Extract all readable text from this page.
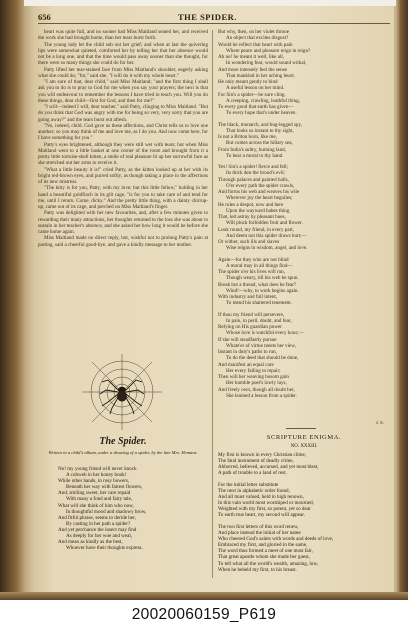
656	THE SPIDER.

heart was quite full, and no sooner had Miss Maitland seated her, and received the work she had brought home, than her tears burst forth.

The young lady let the child sob out her grief; and when at last the quivering lips were somewhat quieted, comforted her by telling her that her absence would not be a long one, and that the time would pass away sooner than she thought, for there were so many things she could do for her.

Patty lifted her tear-stained face from Miss Maitland's shoulder, eagerly asking what she could do; "for," said she, "I will do it with my whole heart."

"I am sure of that, dear child," said Miss Maitland; "and the first thing I shall ask you to do is to pray to God for me when you say your prayers; the next is that you will endeavour to remember the lessons I have tried to teach you. Will you do these things, dear child—first for God, and then for me?"

"I will—indeed I will, dear teacher," said Patty, clinging to Miss Maitland. "But do you think that God was angry with me for being so very, very sorry that you are going away?" and the tears burst out afresh.

"No, indeed, child. God gave us these affections, and Christ tells us to love one another; so you may think of me and love me, as I do you. And now come here, for I have something for you."

Patty's eyes brightened, although they were still wet with tears; but when Miss Maitland went to a little basket at one corner of the room and brought from it a pretty little tortoise-shell kitten, a smile of real pleasure lit up her sorrowful face as she stretched out her arms to receive it.

"What a little beauty it is!" cried Patty, as the kitten looked up at her with its bright red-brown eyes, and purred softly, as though taking a place in the affections of its new mistress.

"The kitty is for you, Patty, with my love; but this little fellow," holding in her hand a beautiful goldfinch in its gilt cage, "is for you to take care of and tend for me, until I return. Come, dicky." And the pretty little thing, with a dainty chirrup-up, came out of its cage, and perched on Miss Maitland's finger.

Patty was delighted with her new favourites, and, after a few minutes given to rewarding their many attractions, her thoughts returned to the loss she was about to sustain in her teacher's absence, and she asked her how long it would be before she came home again.

Miss Maitland made no direct reply, but, wishful not to prolong Patty's pain at parting, said a cheerful good-bye, and gave a kindly message to her mother.

The Spider.
Written in a child's album, under a drawing of a spider, by the late Mrs. Hemans.
No! my young friend will never knock
A cobweb in her honey book!
While other hands, in rosy bowers,
Beneath her way with fairest flowers,
And, smiling sweet, her care repaid
With many a fond and fairy tale,
What will she think of him who now,
In thoughtful mood and shadowy brow,
And fitful phrase, seems to deride her,
By casting in her path a spider?
And yet perchance the insect may find
As deeply for her woe and weal,
And mean as kindly as the best,
Whoever have their thoughts express.
But why, then, on her violet throne
An object that excites disgust?
Would he reflect that heart with pain
Where peace and pleasure reign in reign?
Ah no! he meant it well, like all,
In wondering fear, would sound withal,
And more intensely feel the sense
That mankind in her aching heart.
He only meant gently to bind
A useful lesson on her mind.
For Sin's a spider—be sure cling.
A creeping, crawling, loathful thing,
To every good that earth has given—
To every hope that's under heaven.
The black, monarch, and bug-legged spy,
That looks so instant to thy sight,
Is not a Briton born, like me,
But comes across the hillary sea,
From India's sultry, burning land,
To bear a moral to thy hand.
Yes! Sin's a spider! fierce and fell;
Its thick den the brood's evil;
Through palaces and painted halls,
O'er every path the spider crawls,
And forms his web and weaves his wile
Wherever joy the heart beguiles;
He rules a despot, now and here
Upon the wayward babes thing
That, led astray by pleasant hues,
Will pluck forbidden fruit and flower.
Look round, my friend, in every part,
And deem not this spider draws hurt;—
Or wither, such ills and slaves
Wise reigns in wisdom, angel, and love.
Again—for they who are not blind
A moral may in all things find—
The spider o'er his lives will run,
Though weary, till his web be spun.
Break but a thread, what does he fear?
Wind!—why, to work begins again.
With industry and full intent,
To mend his shattered tenement.
If thou my friend will persevere,
In pain, in peril, doubt, and fear,
Relying on His guardian power
Whose love is watchful every hour;—
If she will steadfastly pursue
Whate'er of virtue meets her view,
Instant in duty's paths to run,
To do the deed that should be done,
And manifest an equal care
Her every failing to repair;
Then will her weaving bosom gain
Her humble poet's lowly lays,
And freely own, though all doubt her,
She learned a lesson from a spider.
J. S.
SCRIPTURE ENIGMA.
NO. XXXIII.
My first is known in every Christian clime,
The fatal instrument of deadly crime,
Abhorred, believed, accursed, and yet most blest,
A path of trouble to a land of rest.
For the initial letter substitute
The next in alphabetic order found,
And all must valued, held in high renown,
In this vain world most worshiped or mourned,
Weighted with my first, so potent, yet so dear
To earth true heart, my second will appear.
The two first letters of this word renew,
And place instead the initial of her name
Who cheered God's saints with words and deeds of love,
Embraced my first, and gloried in the same,
The word thus formed a meet of one most fair,
That great apostle whom she made her guest,
To tell what all the world's wealth, amazing, low,
When he beheld my first, to his breast.
20020060159_P619
